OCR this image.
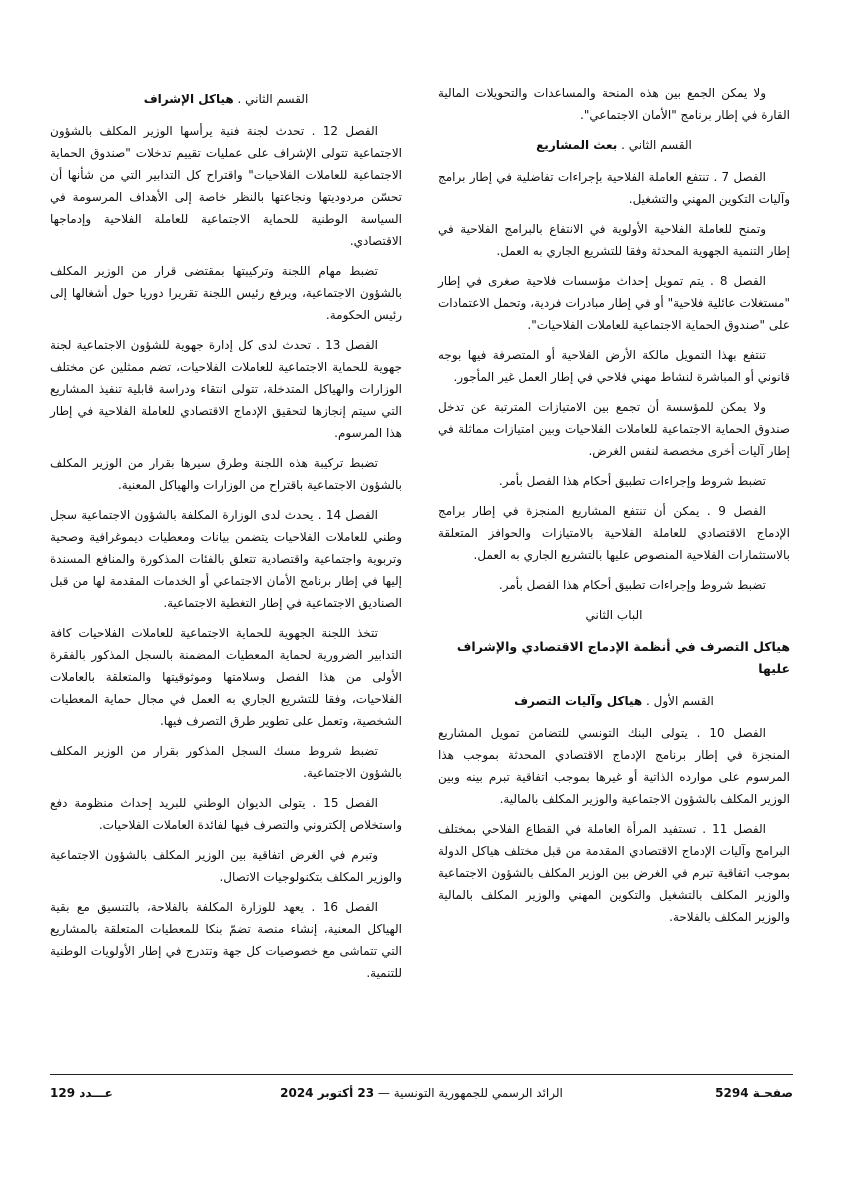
ولا يمكن الجمع بين هذه المنحة والمساعدات والتحويلات المالية القارة في إطار برنامج "الأمان الاجتماعي".

القسم الثاني . بعث المشاريع

الفصل 7 . تنتفع العاملة الفلاحية بإجراءات تفاضلية في إطار برامج وآليات التكوين المهني والتشغيل.

وتمنح للعاملة الفلاحية الأولوية في الانتفاع بالبرامج الفلاحية في إطار التنمية الجهوية المحدثة وفقا للتشريع الجاري به العمل.

الفصل 8 . يتم تمويل إحداث مؤسسات فلاحية صغرى في إطار "مستغلات عائلية فلاحية" أو في إطار مبادرات فردية، وتحمل الاعتمادات على "صندوق الحماية الاجتماعية للعاملات الفلاحيات".

تنتفع بهذا التمويل مالكة الأرض الفلاحية أو المتصرفة فيها بوجه قانوني أو المباشرة لنشاط مهني فلاحي في إطار العمل غير المأجور.

ولا يمكن للمؤسسة أن تجمع بين الامتيازات المترتبة عن تدخل صندوق الحماية الاجتماعية للعاملات الفلاحيات وبين امتيازات مماثلة في إطار آليات أخرى مخصصة لنفس الغرض.

تضبط شروط وإجراءات تطبيق أحكام هذا الفصل بأمر.

الفصل 9 . يمكن أن تنتفع المشاريع المنجزة في إطار برامج الإدماج الاقتصادي للعاملة الفلاحية بالامتيازات والحوافز المتعلقة بالاستثمارات الفلاحية المنصوص عليها بالتشريع الجاري به العمل.

تضبط شروط وإجراءات تطبيق أحكام هذا الفصل بأمر.

الباب الثاني

هياكل التصرف في أنظمة الإدماج الاقتصادي والإشراف عليها

القسم الأول . هياكل وآليات التصرف

الفصل 10 . يتولى البنك التونسي للتضامن تمويل المشاريع المنجزة في إطار برنامج الإدماج الاقتصادي المحدثة بموجب هذا المرسوم على موارده الذاتية أو غيرها بموجب اتفاقية تبرم بينه وبين الوزير المكلف بالشؤون الاجتماعية والوزير المكلف بالمالية.

الفصل 11 . تستفيد المرأة العاملة في القطاع الفلاحي بمختلف البرامج وآليات الإدماج الاقتصادي المقدمة من قبل مختلف هياكل الدولة بموجب اتفاقية تبرم في الغرض بين الوزير المكلف بالشؤون الاجتماعية والوزير المكلف بالتشغيل والتكوين المهني والوزير المكلف بالمالية والوزير المكلف بالفلاحة.

القسم الثاني . هياكل الإشراف

الفصل 12 . تحدث لجنة فنية يرأسها الوزير المكلف بالشؤون الاجتماعية تتولى الإشراف على عمليات تقييم تدخلات "صندوق الحماية الاجتماعية للعاملات الفلاحيات" واقتراح كل التدابير التي من شأنها أن تحسّن مردوديتها ونجاعتها بالنظر خاصة إلى الأهداف المرسومة في السياسة الوطنية للحماية الاجتماعية للعاملة الفلاحية وإدماجها الاقتصادي.

تضبط مهام اللجنة وتركيبتها بمقتضى قرار من الوزير المكلف بالشؤون الاجتماعية، ويرفع رئيس اللجنة تقريرا دوريا حول أشغالها إلى رئيس الحكومة.

الفصل 13 . تحدث لدى كل إدارة جهوية للشؤون الاجتماعية لجنة جهوية للحماية الاجتماعية للعاملات الفلاحيات، تضم ممثلين عن مختلف الوزارات والهياكل المتدخلة، تتولى انتقاء ودراسة قابلية تنفيذ المشاريع التي سيتم إنجازها لتحقيق الإدماج الاقتصادي للعاملة الفلاحية في إطار هذا المرسوم.

تضبط تركيبة هذه اللجنة وطرق سيرها بقرار من الوزير المكلف بالشؤون الاجتماعية باقتراح من الوزارات والهياكل المعنية.

الفصل 14 . يحدث لدى الوزارة المكلفة بالشؤون الاجتماعية سجل وطني للعاملات الفلاحيات يتضمن بيانات ومعطيات ديموغرافية وصحية وتربوية واجتماعية واقتصادية تتعلق بالفئات المذكورة والمنافع المسندة إليها في إطار برنامج الأمان الاجتماعي أو الخدمات المقدمة لها من قبل الصناديق الاجتماعية في إطار التغطية الاجتماعية.

تتخذ اللجنة الجهوية للحماية الاجتماعية للعاملات الفلاحيات كافة التدابير الضرورية لحماية المعطيات المضمنة بالسجل المذكور بالفقرة الأولى من هذا الفصل وسلامتها وموثوقيتها والمتعلقة بالعاملات الفلاحيات، وفقا للتشريع الجاري به العمل في مجال حماية المعطيات الشخصية، وتعمل على تطوير طرق التصرف فيها.

تضبط شروط مسك السجل المذكور بقرار من الوزير المكلف بالشؤون الاجتماعية.

الفصل 15 . يتولى الديوان الوطني للبريد إحداث منظومة دفع واستخلاص إلكتروني والتصرف فيها لفائدة العاملات الفلاحيات.

وتبرم في الغرض اتفاقية بين الوزير المكلف بالشؤون الاجتماعية والوزير المكلف بتكنولوجيات الاتصال.

الفصل 16 . يعهد للوزارة المكلفة بالفلاحة، بالتنسيق مع بقية الهياكل المعنية، إنشاء منصة تضمّ بنكا للمعطيات المتعلقة بالمشاريع التي تتماشى مع خصوصيات كل جهة وتتدرج في إطار الأولويات الوطنية للتنمية.

صفحـة 5294
الرائد الرسمي للجمهورية التونسية — 23 أكتوبر 2024
عـــدد 129
